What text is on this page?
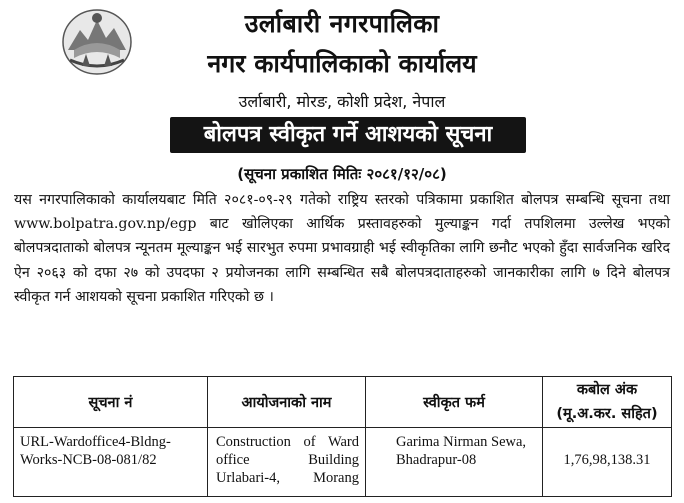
उर्लाबारी नगरपालिका
नगर कार्यपालिकाको कार्यालय
उर्लाबारी, मोरङ, कोशी प्रदेश, नेपाल
बोलपत्र स्वीकृत गर्ने आशयको सूचना
(सूचना प्रकाशित मितिः २०८१/१२/०८)
यस नगरपालिकाको कार्यालयबाट मिति २०८१-०९-२९ गतेको राष्ट्रिय स्तरको पत्रिकामा प्रकाशित बोलपत्र सम्बन्धि सूचना तथा www.bolpatra.gov.np/egp बाट खोलिएका आर्थिक प्रस्तावहरुको मुल्याङ्कन गर्दा तपशिलमा उल्लेख भएको बोलपत्रदाताको बोलपत्र न्यूनतम मूल्याङ्कन भई सारभुत रुपमा प्रभावग्राही भई स्वीकृतिका लागि छनौट भएको हुँदा सार्वजनिक खरिद ऐन २०६३ को दफा २७ को उपदफा २ प्रयोजनका लागि सम्बन्धित सबै बोलपत्रदाताहरुको जानकारीका लागि ७ दिने बोलपत्र स्वीकृत गर्न आशयको सूचना प्रकाशित गरिएको छ ।
सूचना नं	आयोजनाको नाम	स्वीकृत फर्म	कबोल अंक
(मू.अ.कर. सहित)

URL-Wardoffice4-Bldng-Works-NCB-08-081/82	Construction of Ward office Building Urlabari-4, Morang	Garima Nirman Sewa, Bhadrapur-08	1,76,98,138.31
